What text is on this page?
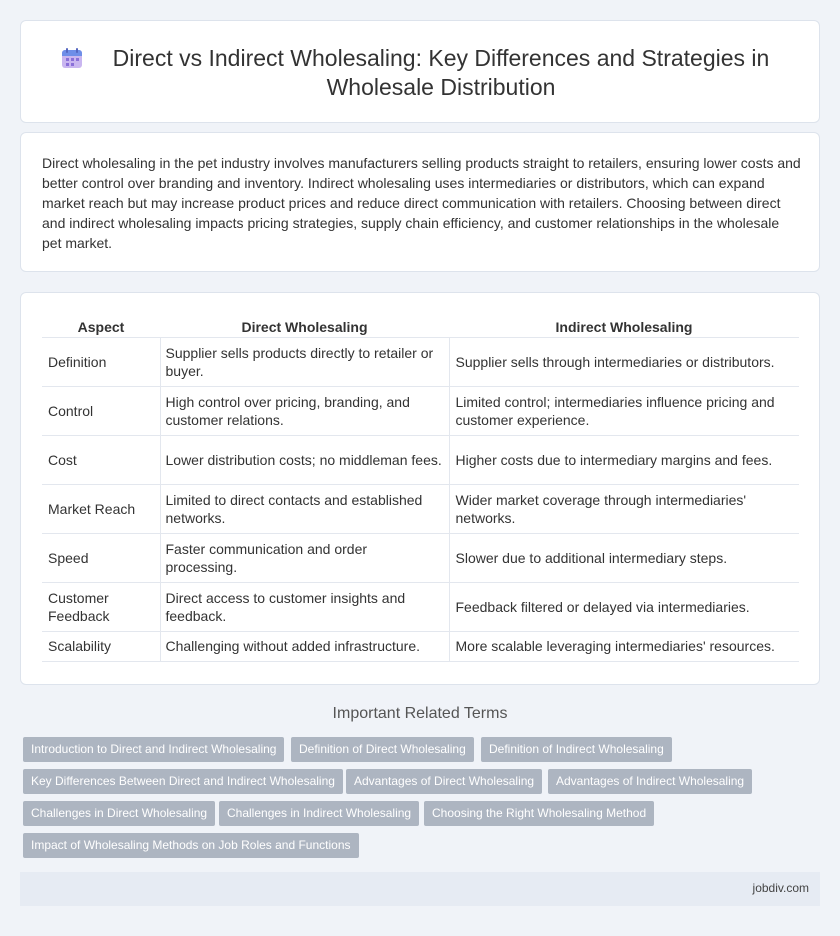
Direct vs Indirect Wholesaling: Key Differences and Strategies in Wholesale Distribution

Direct wholesaling in the pet industry involves manufacturers selling products straight to retailers, ensuring lower costs and better control over branding and inventory. Indirect wholesaling uses intermediaries or distributors, which can expand market reach but may increase product prices and reduce direct communication with retailers. Choosing between direct and indirect wholesaling impacts pricing strategies, supply chain efficiency, and customer relationships in the wholesale pet market.

Aspect	Direct Wholesaling	Indirect Wholesaling
Definition	Supplier sells products directly to retailer or buyer.	Supplier sells through intermediaries or distributors.
Control	High control over pricing, branding, and customer relations.	Limited control; intermediaries influence pricing and customer experience.
Cost	Lower distribution costs; no middleman fees.	Higher costs due to intermediary margins and fees.
Market Reach	Limited to direct contacts and established networks.	Wider market coverage through intermediaries' networks.
Speed	Faster communication and order processing.	Slower due to additional intermediary steps.
Customer Feedback	Direct access to customer insights and feedback.	Feedback filtered or delayed via intermediaries.
Scalability	Challenging without added infrastructure.	More scalable leveraging intermediaries' resources.
Important Related Terms
Introduction to Direct and Indirect Wholesaling	Definition of Direct Wholesaling	Definition of Indirect Wholesaling
Key Differences Between Direct and Indirect Wholesaling	Advantages of Direct Wholesaling	Advantages of Indirect Wholesaling
Challenges in Direct Wholesaling	Challenges in Indirect Wholesaling	Choosing the Right Wholesaling Method
Impact of Wholesaling Methods on Job Roles and Functions
jobdiv.com
